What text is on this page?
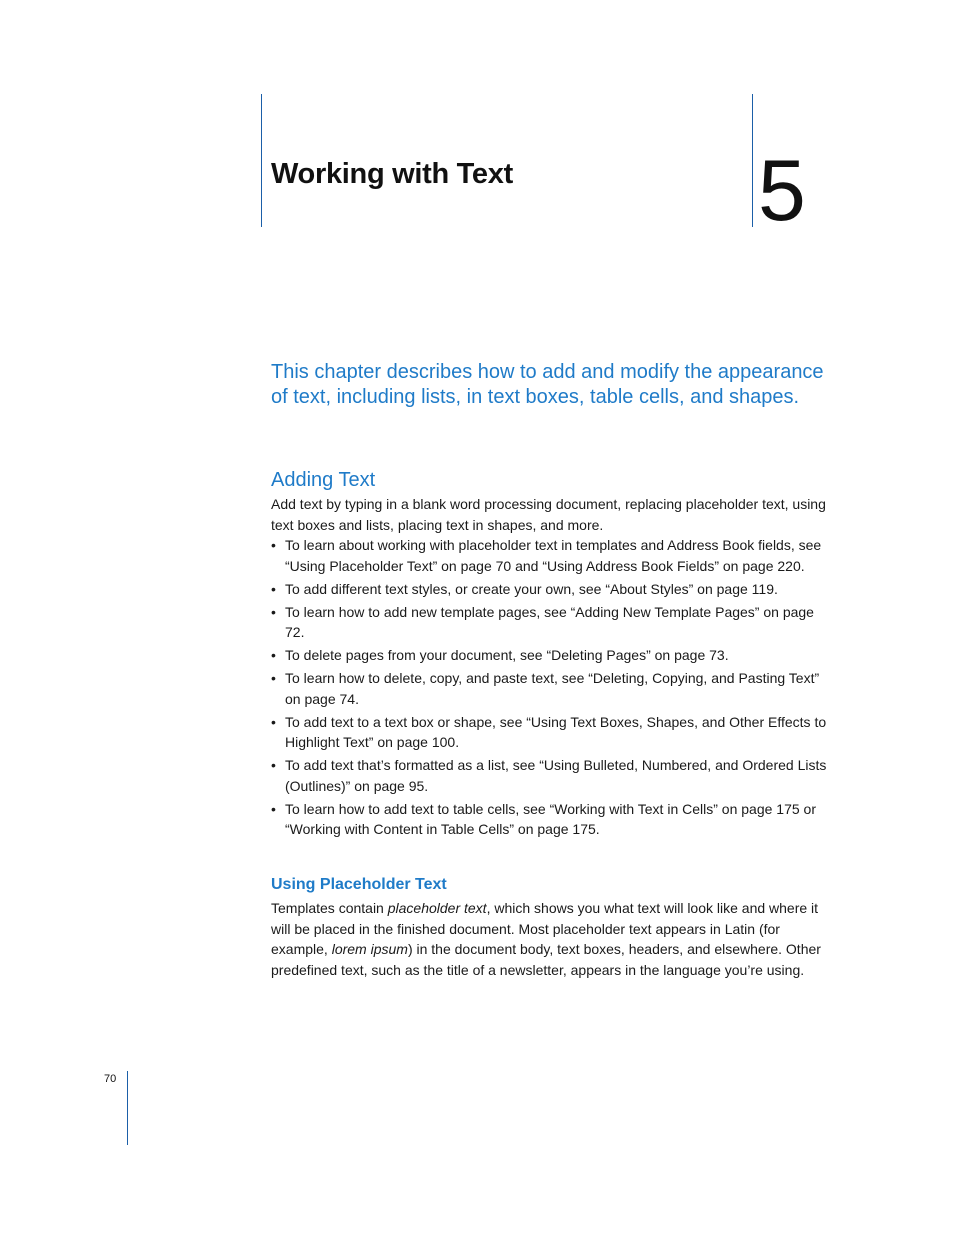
Working with Text	5
This chapter describes how to add and modify the appearance of text, including lists, in text boxes, table cells, and shapes.
Adding Text
Add text by typing in a blank word processing document, replacing placeholder text, using text boxes and lists, placing text in shapes, and more.
• To learn about working with placeholder text in templates and Address Book fields, see “Using Placeholder Text” on page 70 and “Using Address Book Fields” on page 220.
• To add different text styles, or create your own, see “About Styles” on page 119.
• To learn how to add new template pages, see “Adding New Template Pages” on page 72.
• To delete pages from your document, see “Deleting Pages” on page 73.
• To learn how to delete, copy, and paste text, see “Deleting, Copying, and Pasting Text” on page 74.
• To add text to a text box or shape, see “Using Text Boxes, Shapes, and Other Effects to Highlight Text” on page 100.
• To add text that’s formatted as a list, see “Using Bulleted, Numbered, and Ordered Lists (Outlines)” on page 95.
• To learn how to add text to table cells, see “Working with Text in Cells” on page 175 or “Working with Content in Table Cells” on page 175.
Using Placeholder Text
Templates contain placeholder text, which shows you what text will look like and where it will be placed in the finished document. Most placeholder text appears in Latin (for example, lorem ipsum) in the document body, text boxes, headers, and elsewhere. Other predefined text, such as the title of a newsletter, appears in the language you’re using.
70
